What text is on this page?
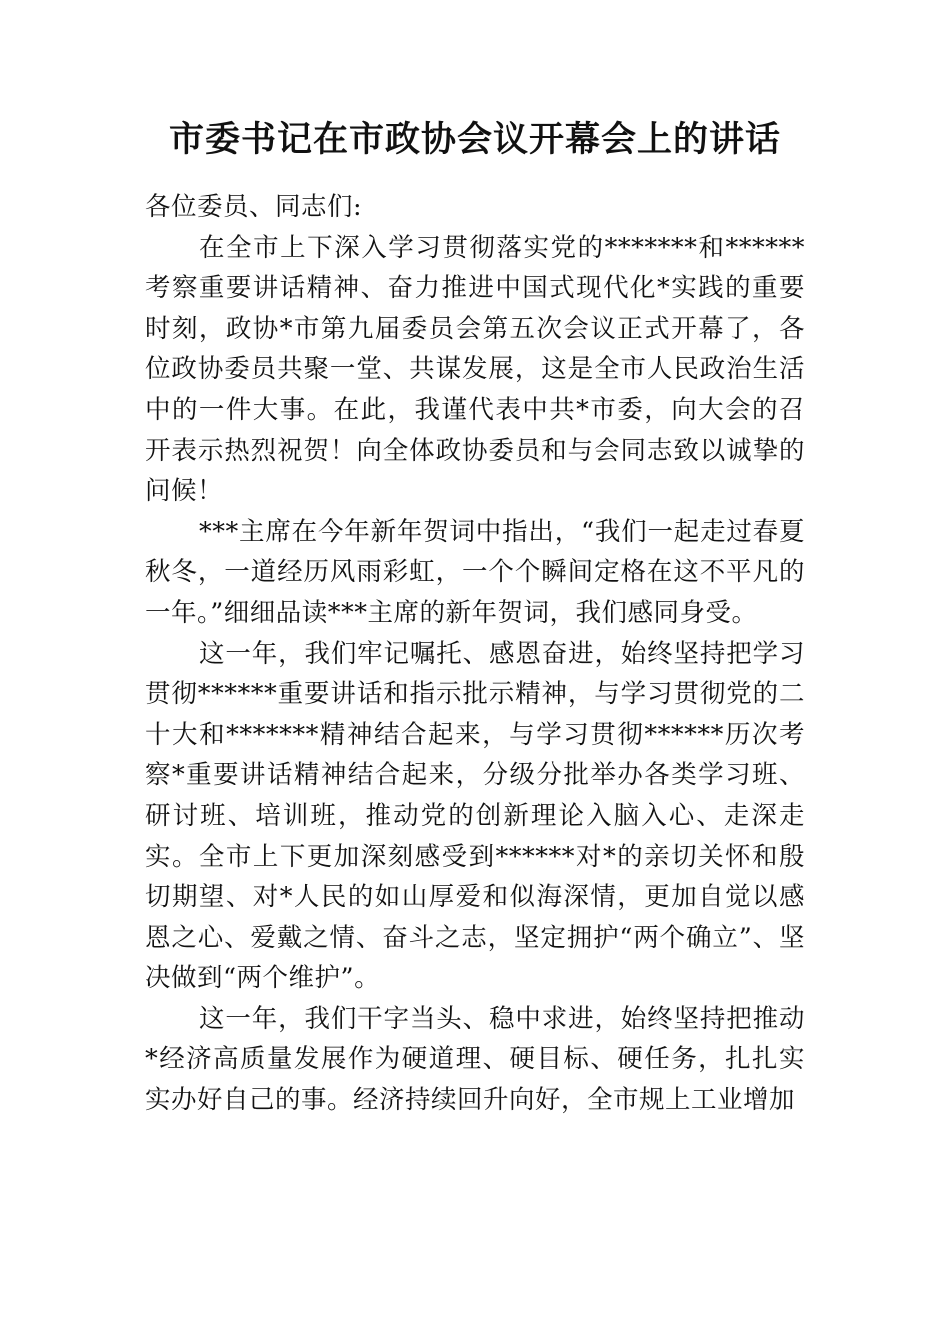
市委书记在市政协会议开幕会上的讲话

各位委员、同志们:

在全市上下深入学习贯彻落实党的*******和******考察重要讲话精神、奋力推进中国式现代化*实践的重要时刻，政协*市第九届委员会第五次会议正式开幕了，各位政协委员共聚一堂、共谋发展，这是全市人民政治生活中的一件大事。在此，我谨代表中共*市委，向大会的召开表示热烈祝贺！向全体政协委员和与会同志致以诚挚的问候！

***主席在今年新年贺词中指出，“我们一起走过春夏秋冬，一道经历风雨彩虹，一个个瞬间定格在这不平凡的一年。”细细品读***主席的新年贺词，我们感同身受。

这一年，我们牢记嘱托、感恩奋进，始终坚持把学习贯彻******重要讲话和指示批示精神，与学习贯彻党的二十大和*******精神结合起来，与学习贯彻******历次考察*重要讲话精神结合起来，分级分批举办各类学习班、研讨班、培训班，推动党的创新理论入脑入心、走深走实。全市上下更加深刻感受到******对*的亲切关怀和殷切期望、对*人民的如山厚爱和似海深情，更加自觉以感恩之心、爱戴之情、奋斗之志，坚定拥护“两个确立”、坚决做到“两个维护”。

这一年，我们干字当头、稳中求进，始终坚持把推动*经济高质量发展作为硬道理、硬目标、硬任务，扎扎实实办好自己的事。经济持续回升向好，全市规上工业增加
